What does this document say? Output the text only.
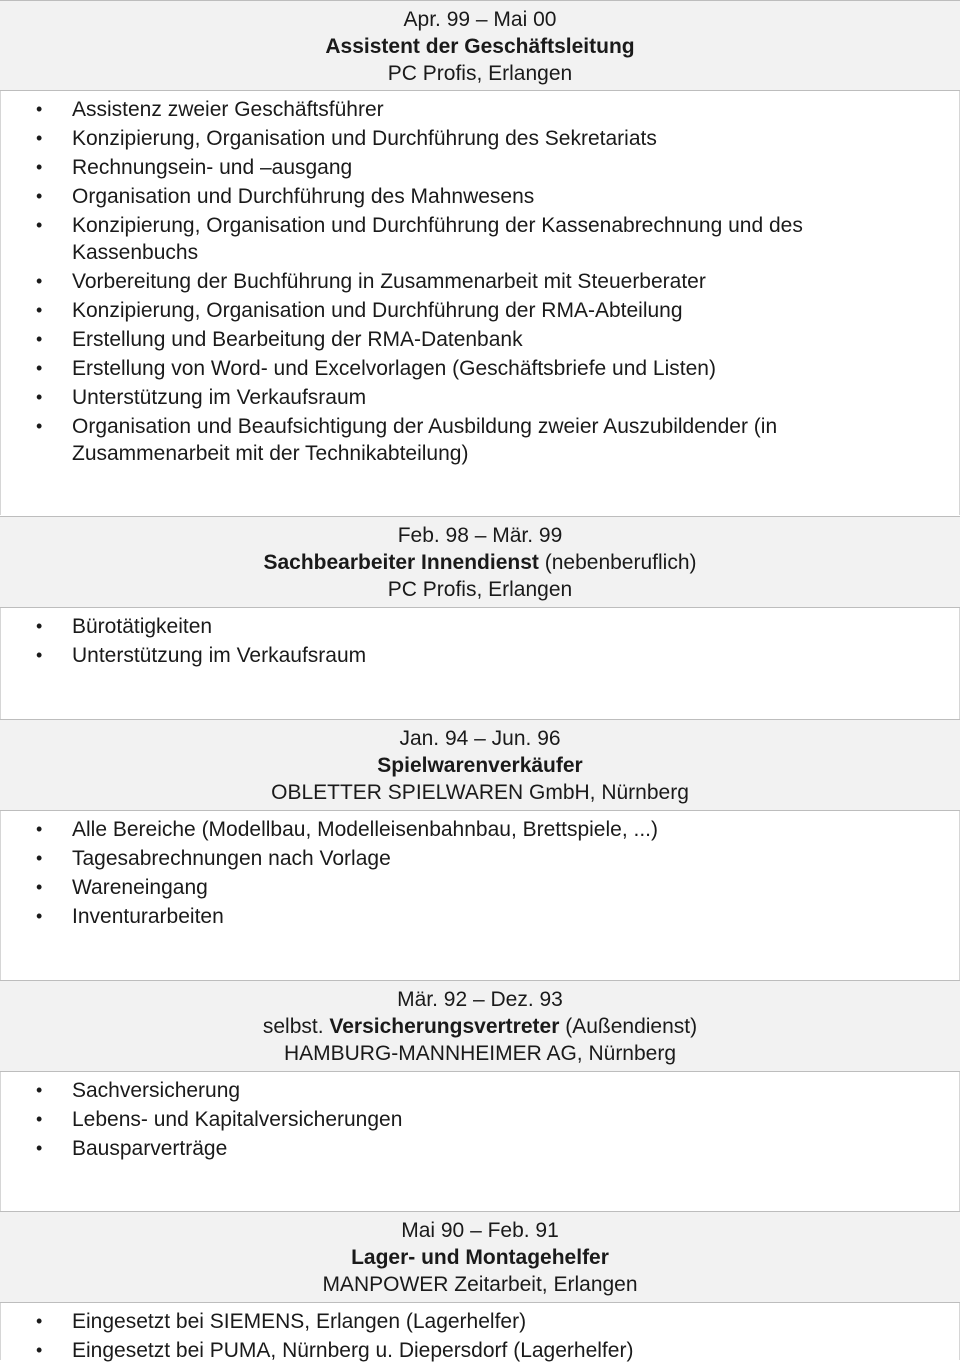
Apr. 99 – Mai 00
Assistent der Geschäftsleitung
PC Profis, Erlangen
• Assistenz zweier Geschäftsführer
• Konzipierung, Organisation und Durchführung des Sekretariats
• Rechnungsein- und –ausgang
• Organisation und Durchführung des Mahnwesens
• Konzipierung, Organisation und Durchführung der Kassenabrechnung und des Kassenbuchs
• Vorbereitung der Buchführung in Zusammenarbeit mit Steuerberater
• Konzipierung, Organisation und Durchführung der RMA-Abteilung
• Erstellung und Bearbeitung der RMA-Datenbank
• Erstellung von Word- und Excelvorlagen (Geschäftsbriefe und Listen)
• Unterstützung im Verkaufsraum
• Organisation und Beaufsichtigung der Ausbildung zweier Auszubildender (in Zusammenarbeit mit der Technikabteilung)
Feb. 98 – Mär. 99
Sachbearbeiter Innendienst (nebenberuflich)
PC Profis, Erlangen
• Bürotätigkeiten
• Unterstützung im Verkaufsraum
Jan. 94 – Jun. 96
Spielwarenverkäufer
OBLETTER SPIELWAREN GmbH, Nürnberg
• Alle Bereiche (Modellbau, Modelleisenbahnbau, Brettspiele, ...)
• Tagesabrechnungen nach Vorlage
• Wareneingang
• Inventurarbeiten
Mär. 92 – Dez. 93
selbst. Versicherungsvertreter (Außendienst)
HAMBURG-MANNHEIMER AG, Nürnberg
• Sachversicherung
• Lebens- und Kapitalversicherungen
• Bausparverträge
Mai 90 – Feb. 91
Lager- und Montagehelfer
MANPOWER Zeitarbeit, Erlangen
• Eingesetzt bei SIEMENS, Erlangen (Lagerhelfer)
• Eingesetzt bei PUMA, Nürnberg u. Diepersdorf (Lagerhelfer)
